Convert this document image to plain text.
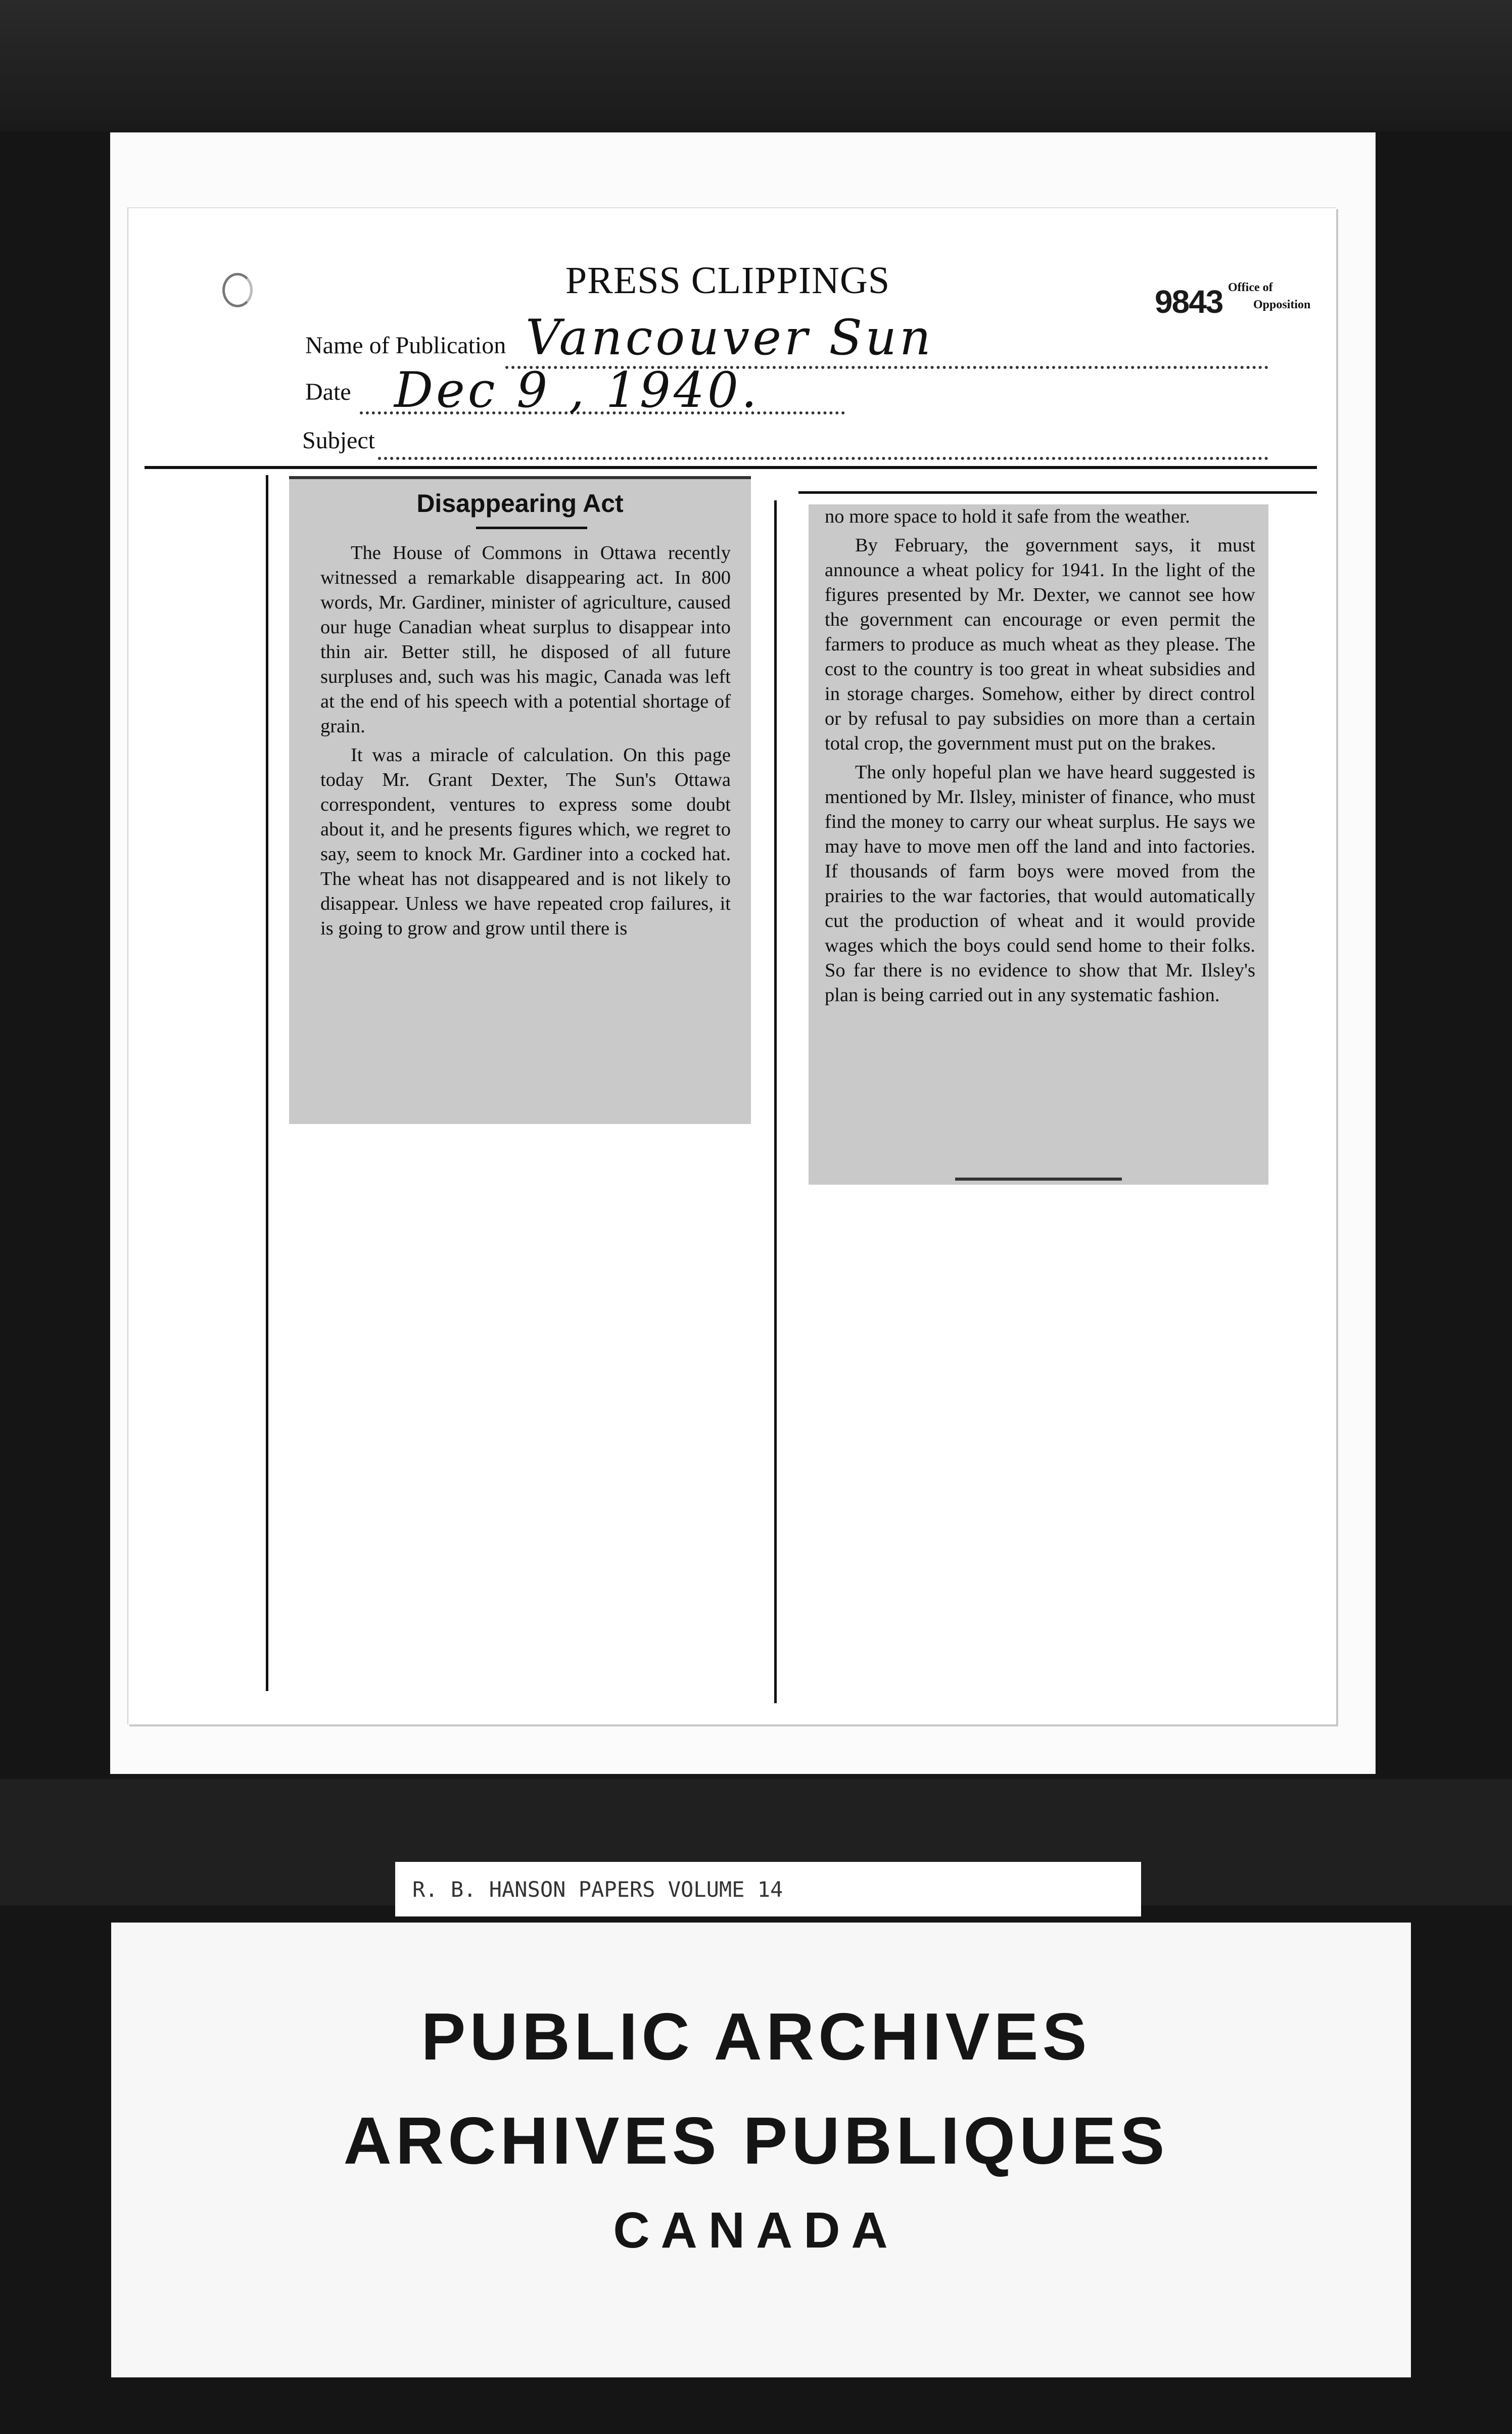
PRESS CLIPPINGS	9843 Office of
Opposition
Name of Publication Vancouver Sun
Date Dec 9 , 1940.
Subject
Disappearing Act

The House of Commons in Ottawa recently witnessed a remarkable disappearing act. In 800 words, Mr. Gardiner, minister of agriculture, caused our huge Canadian wheat surplus to disappear into thin air. Better still, he disposed of all future surpluses and, such was his magic, Canada was left at the end of his speech with a potential shortage of grain.

It was a miracle of calculation. On this page today Mr. Grant Dexter, The Sun's Ottawa correspondent, ventures to express some doubt about it, and he presents figures which, we regret to say, seem to knock Mr. Gardiner into a cocked hat. The wheat has not disappeared and is not likely to disappear. Unless we have repeated crop failures, it is going to grow and grow until there is

no more space to hold it safe from the weather.

By February, the government says, it must announce a wheat policy for 1941. In the light of the figures presented by Mr. Dexter, we cannot see how the government can encourage or even permit the farmers to produce as much wheat as they please. The cost to the country is too great in wheat subsidies and in storage charges. Somehow, either by direct control or by refusal to pay subsidies on more than a certain total crop, the government must put on the brakes.

The only hopeful plan we have heard suggested is mentioned by Mr. Ilsley, minister of finance, who must find the money to carry our wheat surplus. He says we may have to move men off the land and into factories. If thousands of farm boys were moved from the prairies to the war factories, that would automatically cut the production of wheat and it would provide wages which the boys could send home to their folks. So far there is no evidence to show that Mr. Ilsley's plan is being carried out in any systematic fashion.

R. B. HANSON PAPERS VOLUME 14
PUBLIC ARCHIVES
ARCHIVES PUBLIQUES
CANADA
